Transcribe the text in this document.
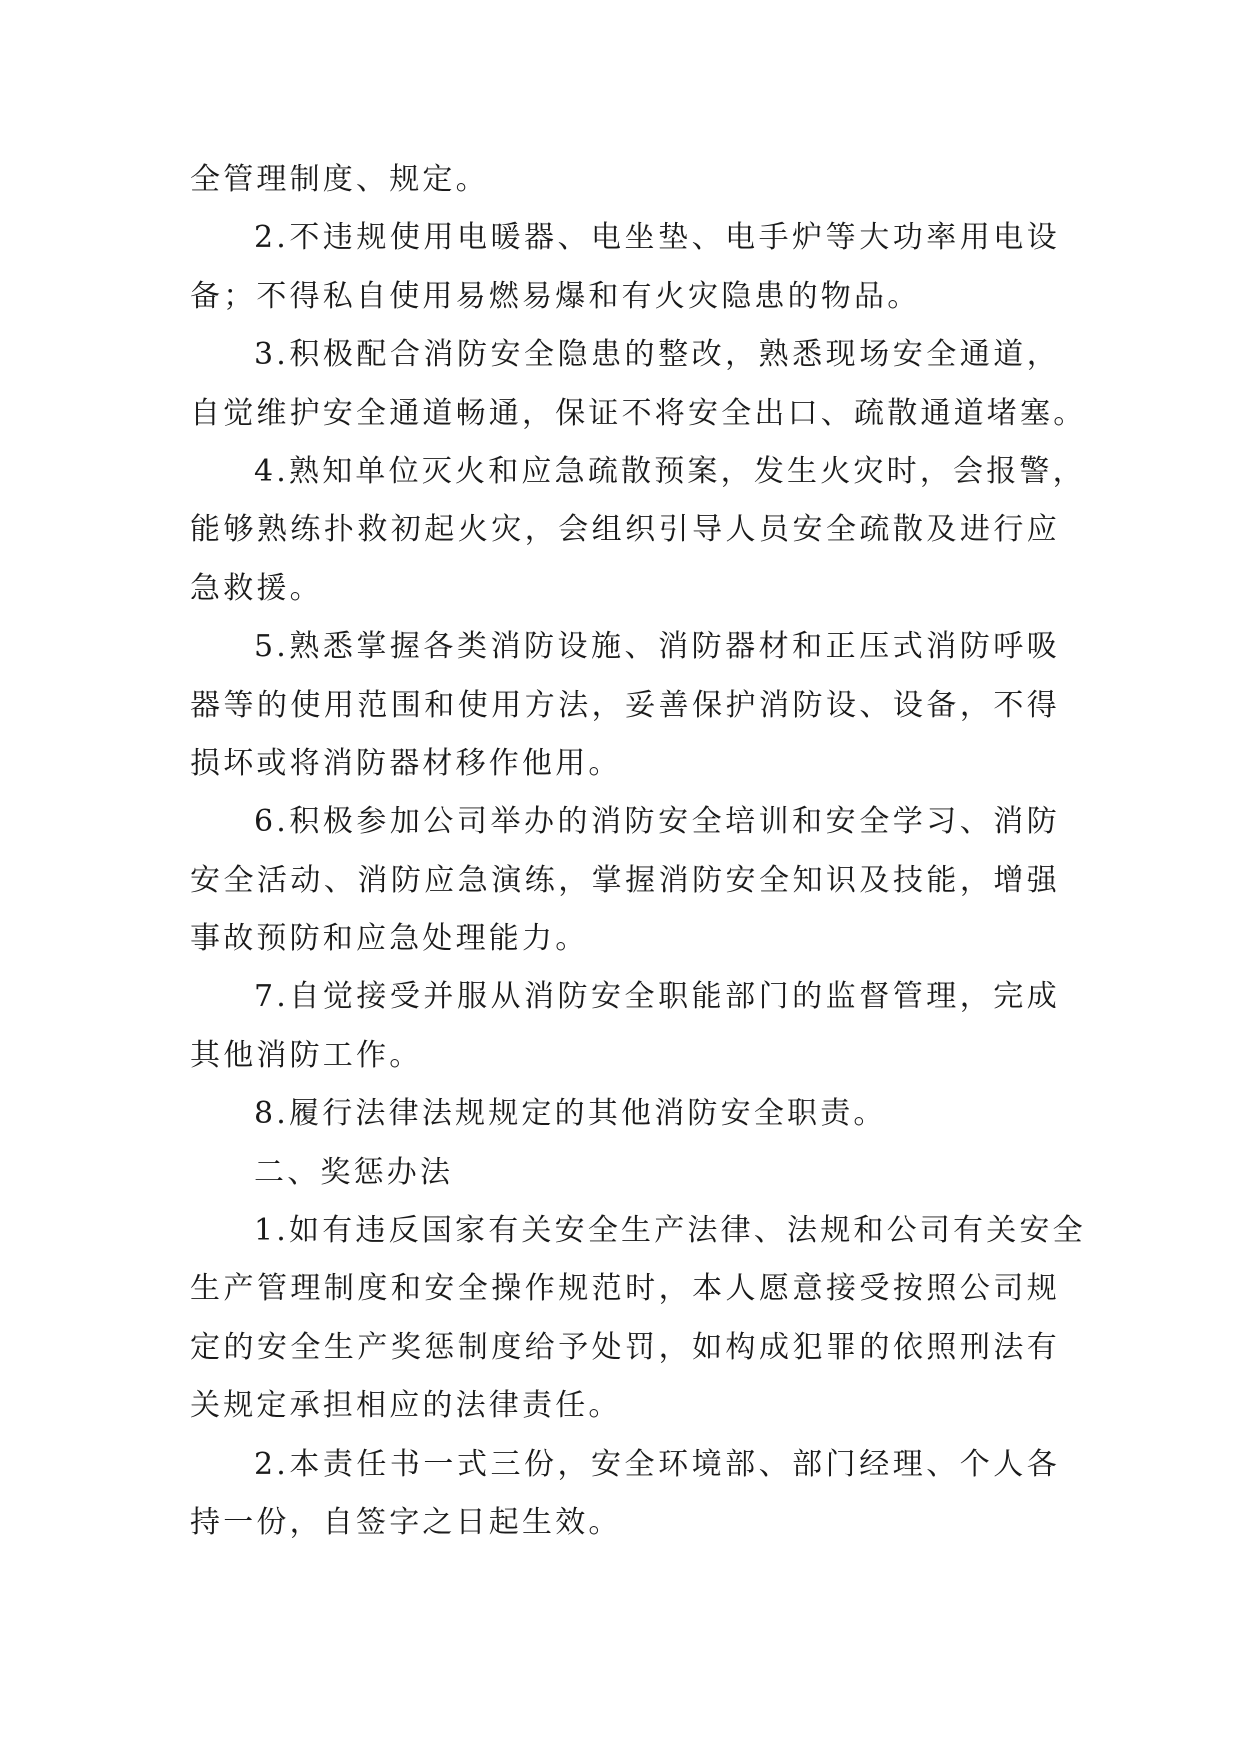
全管理制度、规定。
2.不违规使用电暖器、电坐垫、电手炉等大功率用电设
备；不得私自使用易燃易爆和有火灾隐患的物品。
3.积极配合消防安全隐患的整改，熟悉现场安全通道，
自觉维护安全通道畅通，保证不将安全出口、疏散通道堵塞。
4.熟知单位灭火和应急疏散预案，发生火灾时，会报警，
能够熟练扑救初起火灾，会组织引导人员安全疏散及进行应
急救援。
5.熟悉掌握各类消防设施、消防器材和正压式消防呼吸
器等的使用范围和使用方法，妥善保护消防设、设备，不得
损坏或将消防器材移作他用。
6.积极参加公司举办的消防安全培训和安全学习、消防
安全活动、消防应急演练，掌握消防安全知识及技能，增强
事故预防和应急处理能力。
7.自觉接受并服从消防安全职能部门的监督管理，完成
其他消防工作。
8.履行法律法规规定的其他消防安全职责。
二、奖惩办法
1.如有违反国家有关安全生产法律、法规和公司有关安全
生产管理制度和安全操作规范时，本人愿意接受按照公司规
定的安全生产奖惩制度给予处罚，如构成犯罪的依照刑法有
关规定承担相应的法律责任。
2.本责任书一式三份，安全环境部、部门经理、个人各
持一份，自签字之日起生效。
